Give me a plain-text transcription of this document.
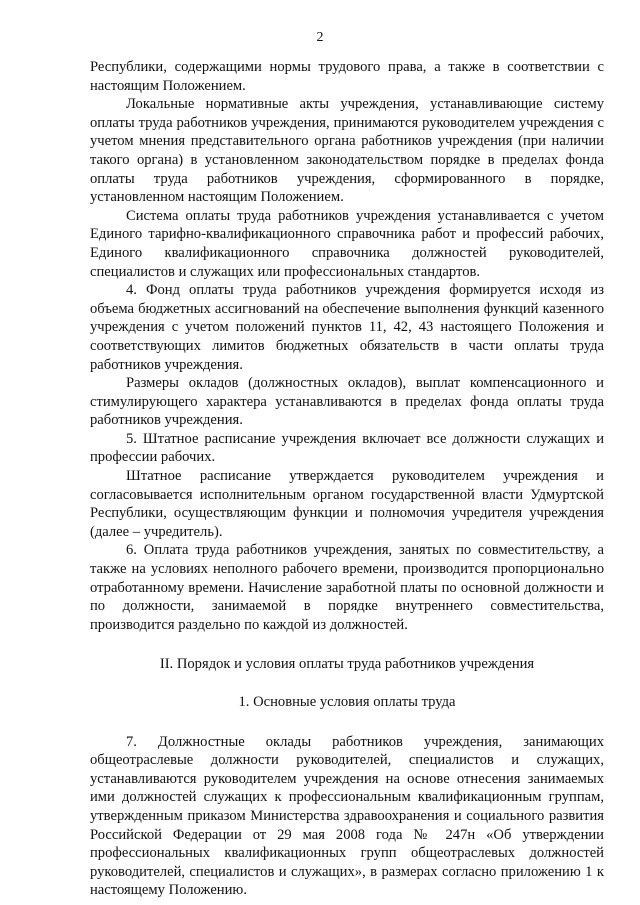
2

Республики, содержащими нормы трудового права, а также в соответствии с настоящим Положением.

Локальные нормативные акты учреждения, устанавливающие систему оплаты труда работников учреждения, принимаются руководителем учреждения с учетом мнения представительного органа работников учреждения (при наличии такого органа) в установленном законодательством порядке в пределах фонда оплаты труда работников учреждения, сформированного в порядке, установленном настоящим Положением.

Система оплаты труда работников учреждения устанавливается с учетом Единого тарифно-квалификационного справочника работ и профессий рабочих, Единого квалификационного справочника должностей руководителей, специалистов и служащих или профессиональных стандартов.

4. Фонд оплаты труда работников учреждения формируется исходя из объема бюджетных ассигнований на обеспечение выполнения функций казенного учреждения с учетом положений пунктов 11, 42, 43 настоящего Положения и соответствующих лимитов бюджетных обязательств в части оплаты труда работников учреждения.

Размеры окладов (должностных окладов), выплат компенсационного и стимулирующего характера устанавливаются в пределах фонда оплаты труда работников учреждения.

5. Штатное расписание учреждения включает все должности служащих и профессии рабочих.

Штатное расписание утверждается руководителем учреждения и согласовывается исполнительным органом государственной власти Удмуртской Республики, осуществляющим функции и полномочия учредителя учреждения (далее – учредитель).

6. Оплата труда работников учреждения, занятых по совместительству, а также на условиях неполного рабочего времени, производится пропорционально отработанному времени. Начисление заработной платы по основной должности и по должности, занимаемой в порядке внутреннего совместительства, производится раздельно по каждой из должностей.

II. Порядок и условия оплаты труда работников учреждения

1. Основные условия оплаты труда

7. Должностные оклады работников учреждения, занимающих общеотраслевые должности руководителей, специалистов и служащих, устанавливаются руководителем учреждения на основе отнесения занимаемых ими должностей служащих к профессиональным квалификационным группам, утвержденным приказом Министерства здравоохранения и социального развития Российской Федерации от 29 мая 2008 года № 247н «Об утверждении профессиональных квалификационных групп общеотраслевых должностей руководителей, специалистов и служащих», в размерах согласно приложению 1 к настоящему Положению.
